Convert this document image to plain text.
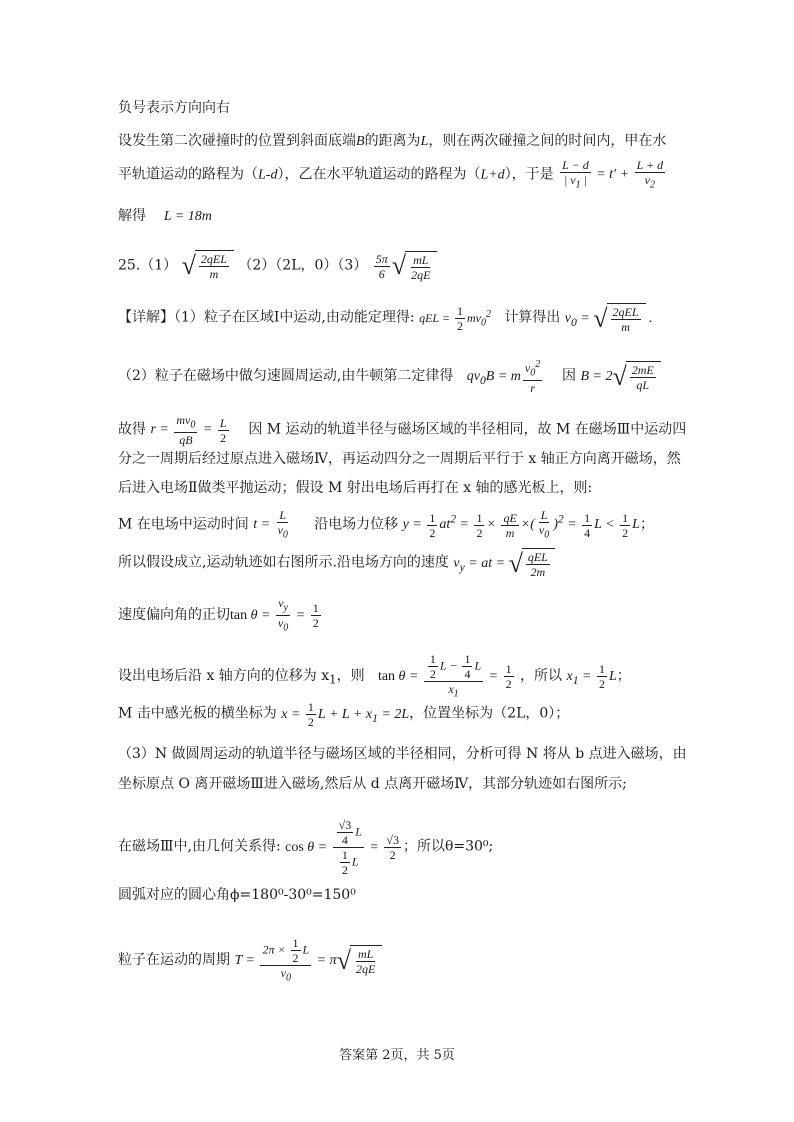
负号表示方向向右
设发生第二次碰撞时的位置到斜面底端B的距离为L，则在两次碰撞之间的时间内，甲在水
平轨道运动的路程为（L-d），乙在水平轨道运动的路程为（L+d），于是 $\frac{L - d}{| v_1 |} = t' + \frac{L + d}{v_2}$
解得 L = 18m
25.（1） √ $\frac{\text{2qEL}}{m} (2)(2L$，$0)(3) \frac{5\pi}{6}$ √ $\frac{mL}{2qE}$
【详解】（1）粒子在区域Ⅰ中运动,由动能定理得: qEL = $\frac{1}{2} mv_0^2$ 计算得出 $v_0$ = √ $\frac{\text{2qEL}}{m}$ .
（2）粒子在磁场中做匀速圆周运动,由牛顿第二定律得 $qv_0B = m \frac{v_0^2}{r}$ 因 B = 2 √ $\frac{2mE}{qL}$
故得 $r = \frac{mv_0}{qB} = \frac{L}{2}$ 因 M 运动的轨道半径与磁场区域的半径相同，故 M 在磁场Ⅲ中运动四
分之一周期后经过原点进入磁场Ⅳ，再运动四分之一周期后平行于 x 轴正方向离开磁场，然
后进入电场Ⅱ做类平抛运动；假设 M 射出电场后再打在 x 轴的感光板上，则:
M 在电场中运动时间 $t = \frac{L}{v_0}$ 沿电场力位移 $y = \frac{1}{2} at^2 = \frac{1}{2} \times \frac{qE}{m}$ ×( $\frac{L}{v_0} )^2 = \frac{1}{4}$ $L < \frac{1}{2}$ L；
所以假设成立,运动轨迹如右图所示.沿电场方向的速度 $v_y$ = at = √ $\frac{\text{qEL}}{2m}$
速度偏向角的正切$\tan \theta = \frac{v_y}{v_0} = \frac{1}{2}$
设出电场后沿 x 轴方向的位移为 $x_1$，则 $\tan \theta = \frac{\frac{1}{2} L - \frac{1}{4} L}{x_1} = \frac{1}{2}$ ，所以 $x_1 = \frac{1}{2}$ L；
M 击中感光板的横坐标为 $x = \frac{1}{2}$ $L + L + x_1 = 2L$，位置坐标为（2L，0）；
（3）N 做圆周运动的轨道半径与磁场区域的半径相同，分析可得 N 将从 b 点进入磁场，由
坐标原点 O 离开磁场Ⅲ进入磁场,然后从 d 点离开磁场Ⅳ，其部分轨迹如右图所示;
在磁场Ⅲ中,由几何关系得: $\cos \theta = \frac{\frac{√3}{4} L}{\frac{1}{2} L} = \frac{√3}{2}$ ；所以θ=30⁰;
圆弧对应的圆心角ϕ=180⁰-30⁰=150⁰
粒子在运动的周期 $T = \frac{2\pi \times \frac{1}{2} L}{v_0} = \pi$ √ $\frac{mL}{2qE}$
答案第 2页，共 5页
